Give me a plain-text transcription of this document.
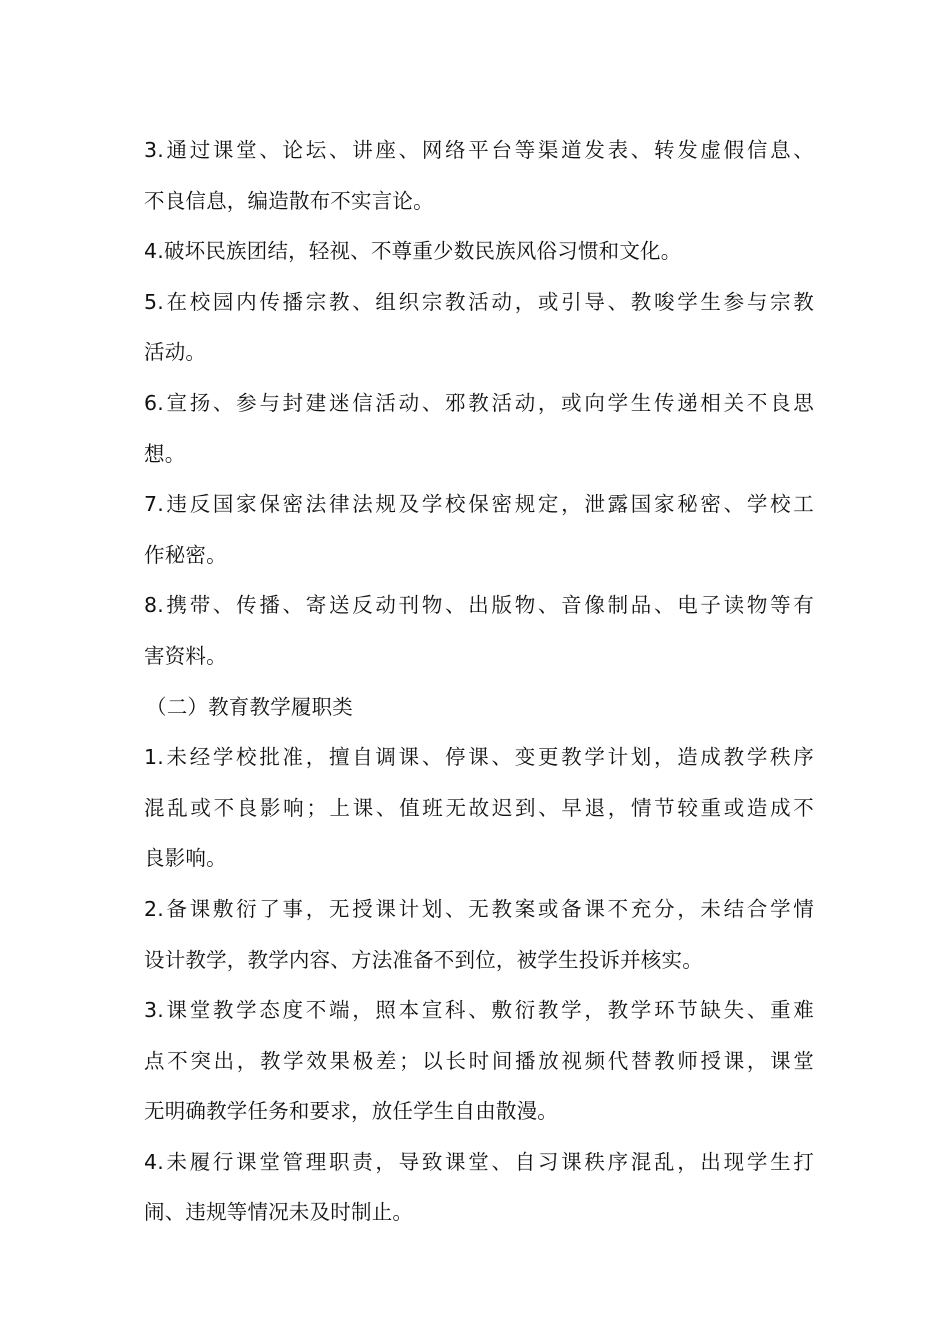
3.通过课堂、论坛、讲座、网络平台等渠道发表、转发虚假信息、
不良信息，编造散布不实言论。
4.破坏民族团结，轻视、不尊重少数民族风俗习惯和文化。
5.在校园内传播宗教、组织宗教活动，或引导、教唆学生参与宗教
活动。
6.宣扬、参与封建迷信活动、邪教活动，或向学生传递相关不良思
想。
7.违反国家保密法律法规及学校保密规定，泄露国家秘密、学校工
作秘密。
8.携带、传播、寄送反动刊物、出版物、音像制品、电子读物等有
害资料。
（二）教育教学履职类
1.未经学校批准，擅自调课、停课、变更教学计划，造成教学秩序
混乱或不良影响；上课、值班无故迟到、早退，情节较重或造成不
良影响。
2.备课敷衍了事，无授课计划、无教案或备课不充分，未结合学情
设计教学，教学内容、方法准备不到位，被学生投诉并核实。
3.课堂教学态度不端，照本宣科、敷衍教学，教学环节缺失、重难
点不突出，教学效果极差；以长时间播放视频代替教师授课，课堂
无明确教学任务和要求，放任学生自由散漫。
4.未履行课堂管理职责，导致课堂、自习课秩序混乱，出现学生打
闹、违规等情况未及时制止。
